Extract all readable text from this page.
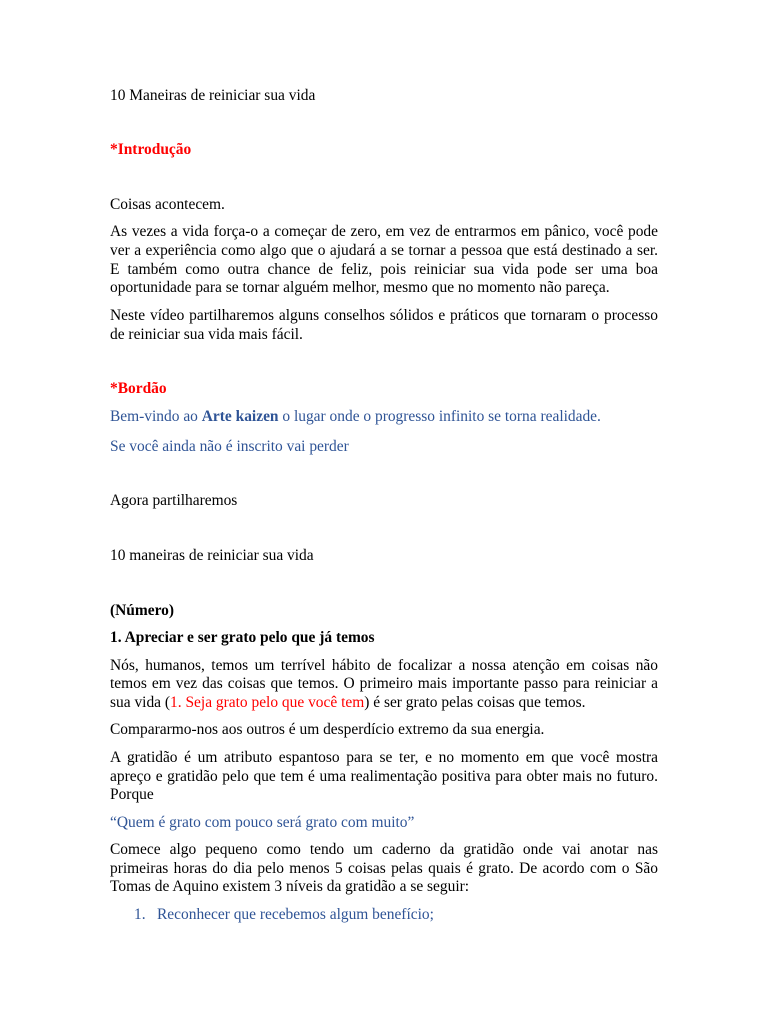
10 Maneiras de reiniciar sua vida

*Introdução

Coisas acontecem.

As vezes a vida força-o a começar de zero, em vez de entrarmos em pânico, você pode
ver a experiência como algo que o ajudará a se tornar a pessoa que está destinado a ser.
E também como outra chance de feliz, pois reiniciar sua vida pode ser uma boa
oportunidade para se tornar alguém melhor, mesmo que no momento não pareça.
Neste vídeo partilharemos alguns conselhos sólidos e práticos que tornaram o processo
de reiniciar sua vida mais fácil.

*Bordão

Bem-vindo ao Arte kaizen o lugar onde o progresso infinito se torna realidade.

Se você ainda não é inscrito vai perder

Agora partilharemos

10 maneiras de reiniciar sua vida

(Número)

1. Apreciar e ser grato pelo que já temos

Nós, humanos, temos um terrível hábito de focalizar a nossa atenção em coisas não
temos em vez das coisas que temos. O primeiro mais importante passo para reiniciar a
sua vida (1. Seja grato pelo que você tem) é ser grato pelas coisas que temos.

Compararmo-nos aos outros é um desperdício extremo da sua energia.

A gratidão é um atributo espantoso para se ter, e no momento em que você mostra
apreço e gratidão pelo que tem é uma realimentação positiva para obter mais no futuro.
Porque

“Quem é grato com pouco será grato com muito”

Comece algo pequeno como tendo um caderno da gratidão onde vai anotar nas
primeiras horas do dia pelo menos 5 coisas pelas quais é grato. De acordo com o São
Tomas de Aquino existem 3 níveis da gratidão a se seguir:
1. Reconhecer que recebemos algum benefício;
